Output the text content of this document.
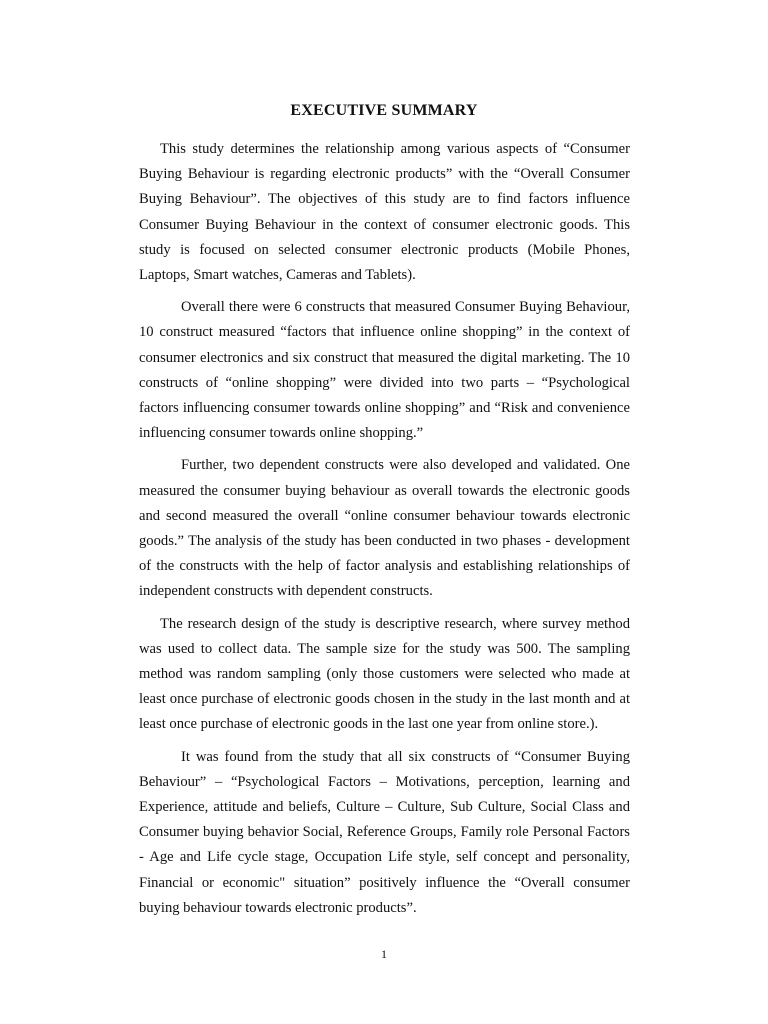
EXECUTIVE SUMMARY

This study determines the relationship among various aspects of “Consumer Buying Behaviour is regarding electronic products” with the “Overall Consumer Buying Behaviour”. The objectives of this study are to find factors influence Consumer Buying Behaviour in the context of consumer electronic goods. This study is focused on selected consumer electronic products (Mobile Phones, Laptops, Smart watches, Cameras and Tablets).

Overall there were 6 constructs that measured Consumer Buying Behaviour, 10 construct measured “factors that influence online shopping” in the context of consumer electronics and six construct that measured the digital marketing. The 10 constructs of “online shopping” were divided into two parts – “Psychological factors influencing consumer towards online shopping” and “Risk and convenience influencing consumer towards online shopping.”

Further, two dependent constructs were also developed and validated. One measured the consumer buying behaviour as overall towards the electronic goods and second measured the overall “online consumer behaviour towards electronic goods.” The analysis of the study has been conducted in two phases - development of the constructs with the help of factor analysis and establishing relationships of independent constructs with dependent constructs.

The research design of the study is descriptive research, where survey method was used to collect data. The sample size for the study was 500. The sampling method was random sampling (only those customers were selected who made at least once purchase of electronic goods chosen in the study in the last month and at least once purchase of electronic goods in the last one year from online store.).

It was found from the study that all six constructs of “Consumer Buying Behaviour” – “Psychological Factors – Motivations, perception, learning and Experience, attitude and beliefs, Culture – Culture, Sub Culture, Social Class and Consumer buying behavior Social, Reference Groups, Family role Personal Factors - Age and Life cycle stage, Occupation Life style, self concept and personality, Financial or economic" situation” positively influence the “Overall consumer buying behaviour towards electronic products”.

1
